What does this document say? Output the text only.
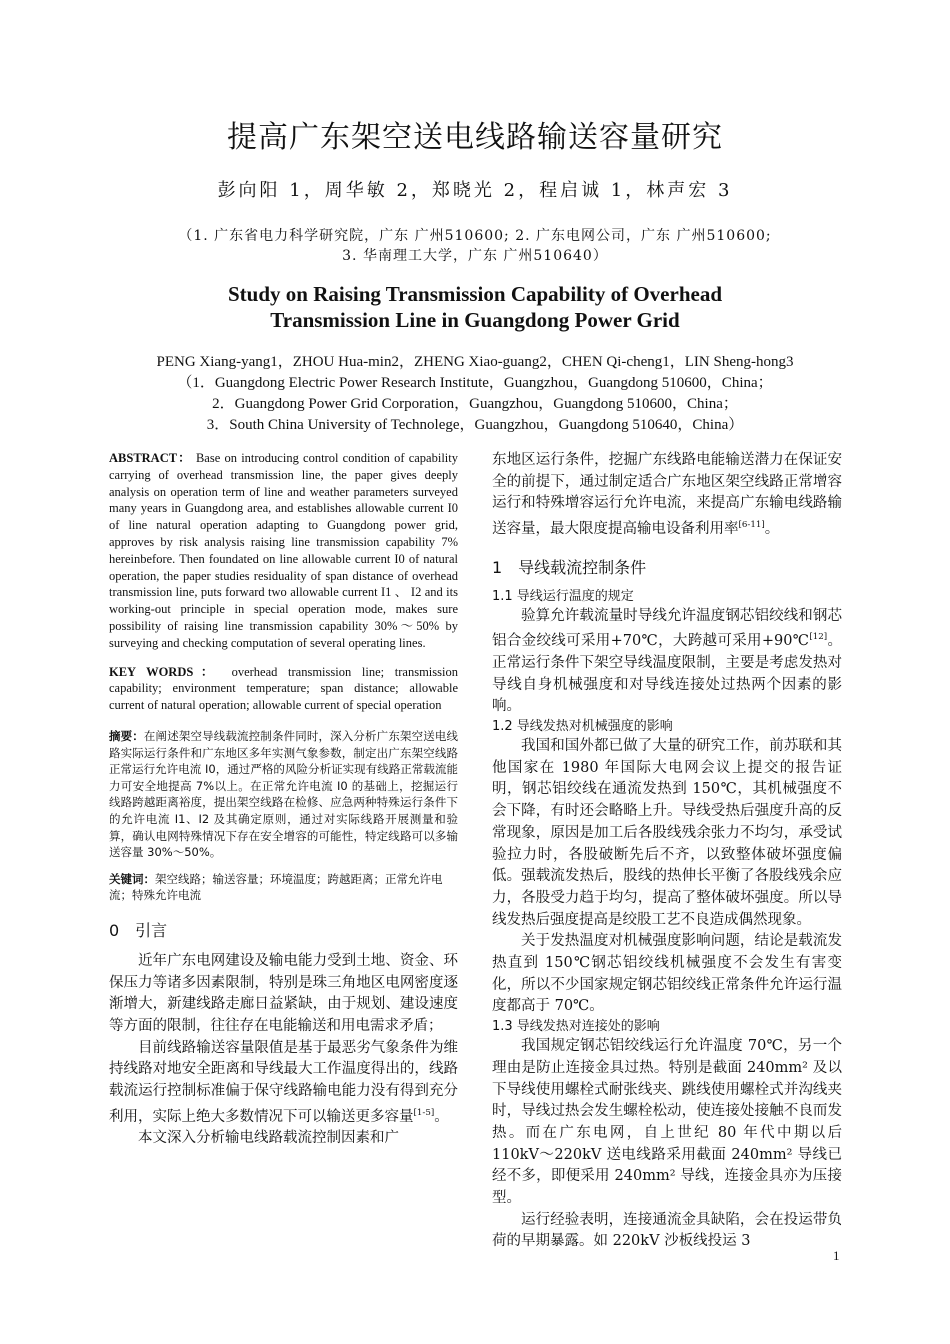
提高广东架空送电线路输送容量研究
彭向阳 1，周华敏 2，郑晓光 2，程启诚 1，林声宏 3
（1. 广东省电力科学研究院，广东 广州510600; 2. 广东电网公司，广东 广州510600;
3. 华南理工大学，广东 广州510640）
Study on Raising Transmission Capability of Overhead
Transmission Line in Guangdong Power Grid
PENG Xiang-yang1，ZHOU Hua-min2，ZHENG Xiao-guang2，CHEN Qi-cheng1，LIN Sheng-hong3
（1．Guangdong Electric Power Research Institute，Guangzhou，Guangdong 510600，China；
2．Guangdong Power Grid Corporation，Guangzhou，Guangdong 510600，China；
3．South China University of Technolege，Guangzhou，Guangdong 510640，China）

ABSTRACT： Base on introducing control condition of capability carrying of overhead transmission line, the paper gives deeply analysis on operation term of line and weather parameters surveyed many years in Guangdong area, and establishes allowable current I0 of line natural operation adapting to Guangdong power grid, approves by risk analysis raising line transmission capability 7% hereinbefore. Then foundated on line allowable current I0 of natural operation, the paper studies residuality of span distance of overhead transmission line, puts forward two allowable current I1 、 I2 and its working-out principle in special operation mode, makes sure possibility of raising line transmission capability 30%～50% by surveying and checking computation of several operating lines.

KEY WORDS： overhead transmission line; transmission capability; environment temperature; span distance; allowable current of natural operation; allowable current of special operation

摘要：在阐述架空导线载流控制条件同时，深入分析广东架空送电线路实际运行条件和广东地区多年实测气象参数，制定出广东架空线路正常运行允许电流 I0，通过严格的风险分析证实现有线路正常载流能力可安全地提高 7%以上。在正常允许电流 I0 的基础上，挖掘运行线路跨越距离裕度，提出架空线路在检修、应急两种特殊运行条件下的允许电流 I1、I2 及其确定原则，通过对实际线路开展测量和验算，确认电网特殊情况下存在安全增容的可能性，特定线路可以多输送容量 30%～50%。

关键词：架空线路；输送容量；环境温度；跨越距离；正常允许电流；特殊允许电流

0　引言

近年广东电网建设及输电能力受到土地、资金、环保压力等诸多因素限制，特别是珠三角地区电网密度逐渐增大，新建线路走廊日益紧缺，由于规划、建设速度等方面的限制，往往存在电能输送和用电需求矛盾；

目前线路输送容量限值是基于最恶劣气象条件为维持线路对地安全距离和导线最大工作温度得出的，线路载流运行控制标准偏于保守线路输电能力没有得到充分利用，实际上绝大多数情况下可以输送更多容量[1-5]。

本文深入分析输电线路载流控制因素和广

东地区运行条件，挖掘广东线路电能输送潜力在保证安全的前提下，通过制定适合广东地区架空线路正常增容运行和特殊增容运行允许电流，来提高广东输电线路输送容量，最大限度提高输电设备利用率[6-11]。

1　导线载流控制条件
1.1 导线运行温度的规定

验算允许载流量时导线允许温度钢芯铝绞线和钢芯铝合金绞线可采用+70℃，大跨越可采用+90℃[12]。正常运行条件下架空导线温度限制，主要是考虑发热对导线自身机械强度和对导线连接处过热两个因素的影响。

1.2 导线发热对机械强度的影响

我国和国外都已做了大量的研究工作，前苏联和其他国家在 1980 年国际大电网会议上提交的报告证明，钢芯铝绞线在通流发热到 150℃，其机械强度不会下降，有时还会略略上升。导线受热后强度升高的反常现象，原因是加工后各股线残余张力不均匀，承受试验拉力时，各股破断先后不齐，以致整体破坏强度偏低。强载流发热后，股线的热伸长平衡了各股线残余应力，各股受力趋于均匀，提高了整体破坏强度。所以导线发热后强度提高是绞股工艺不良造成偶然现象。

关于发热温度对机械强度影响问题，结论是载流发热直到 150℃钢芯铝绞线机械强度不会发生有害变化，所以不少国家规定钢芯铝绞线正常条件允许运行温度都高于 70℃。

1.3 导线发热对连接处的影响

我国规定钢芯铝绞线运行允许温度 70℃，另一个理由是防止连接金具过热。特别是截面 240mm² 及以下导线使用螺栓式耐张线夹、跳线使用螺栓式并沟线夹时，导线过热会发生螺栓松动，使连接处接触不良而发热。而在广东电网，自上世纪 80 年代中期以后 110kV～220kV 送电线路采用截面 240mm² 导线已经不多，即便采用 240mm² 导线，连接金具亦为压接型。

运行经验表明，连接通流金具缺陷，会在投运带负荷的早期暴露。如 220kV 沙板线投运 3

1
